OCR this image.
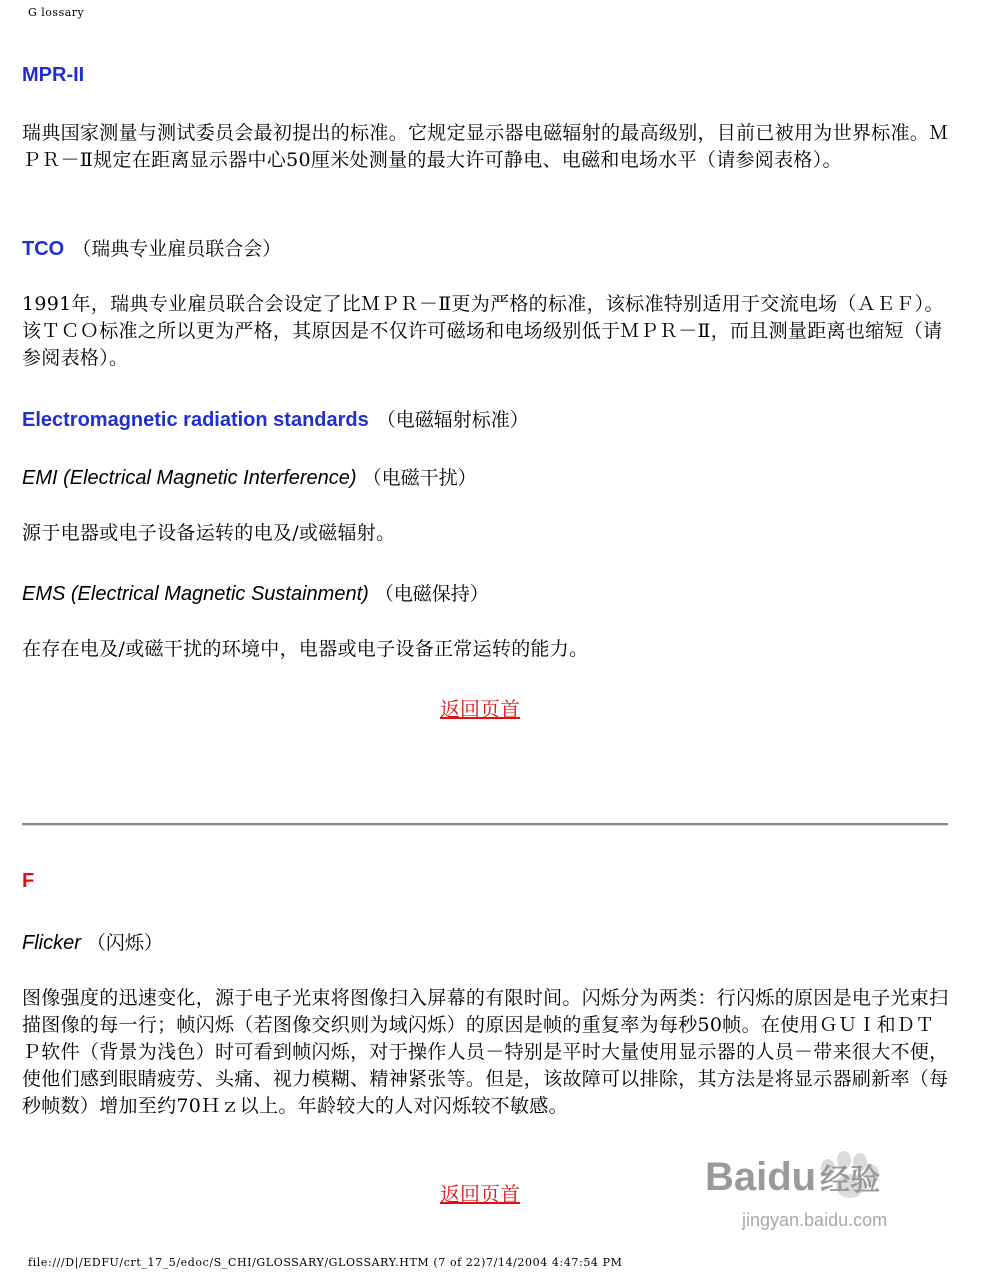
G lossary
MPR-II
瑞典国家测量与测试委员会最初提出的标准。它规定显示器电磁辐射的最高级别，目前已被用为世界标准。ＭＰＲ－Ⅱ规定在距离显示器中心50厘米处测量的最大许可静电、电磁和电场水平（请参阅表格）。
TCO （瑞典专业雇员联合会）
1991年，瑞典专业雇员联合会设定了比ＭＰＲ－Ⅱ更为严格的标准，该标准特别适用于交流电场（ＡＥＦ）。该ＴＣＯ标准之所以更为严格，其原因是不仅许可磁场和电场级别低于ＭＰＲ－Ⅱ，而且测量距离也缩短（请参阅表格）。
Electromagnetic radiation standards （电磁辐射标准）
EMI (Electrical Magnetic Interference) （电磁干扰）
源于电器或电子设备运转的电及/或磁辐射。
EMS (Electrical Magnetic Sustainment) （电磁保持）
在存在电及/或磁干扰的环境中，电器或电子设备正常运转的能力。
返回页首
F
Flicker （闪烁）
图像强度的迅速变化，源于电子光束将图像扫入屏幕的有限时间。闪烁分为两类：行闪烁的原因是电子光束扫描图像的每一行；帧闪烁（若图像交织则为域闪烁）的原因是帧的重复率为每秒50帧。在使用ＧＵＩ和ＤＴＰ软件（背景为浅色）时可看到帧闪烁，对于操作人员－特别是平时大量使用显示器的人员－带来很大不便，使他们感到眼睛疲劳、头痛、视力模糊、精神紧张等。但是，该故障可以排除，其方法是将显示器刷新率（每秒帧数）增加至约70Ｈｚ以上。年龄较大的人对闪烁较不敏感。
返回页首	Baidu 经验
jingyan.baidu.com
file:///D|/EDFU/crt_17_5/edoc/S_CHI/GLOSSARY/GLOSSARY.HTM (7 of 22)7/14/2004 4:47:54 PM
